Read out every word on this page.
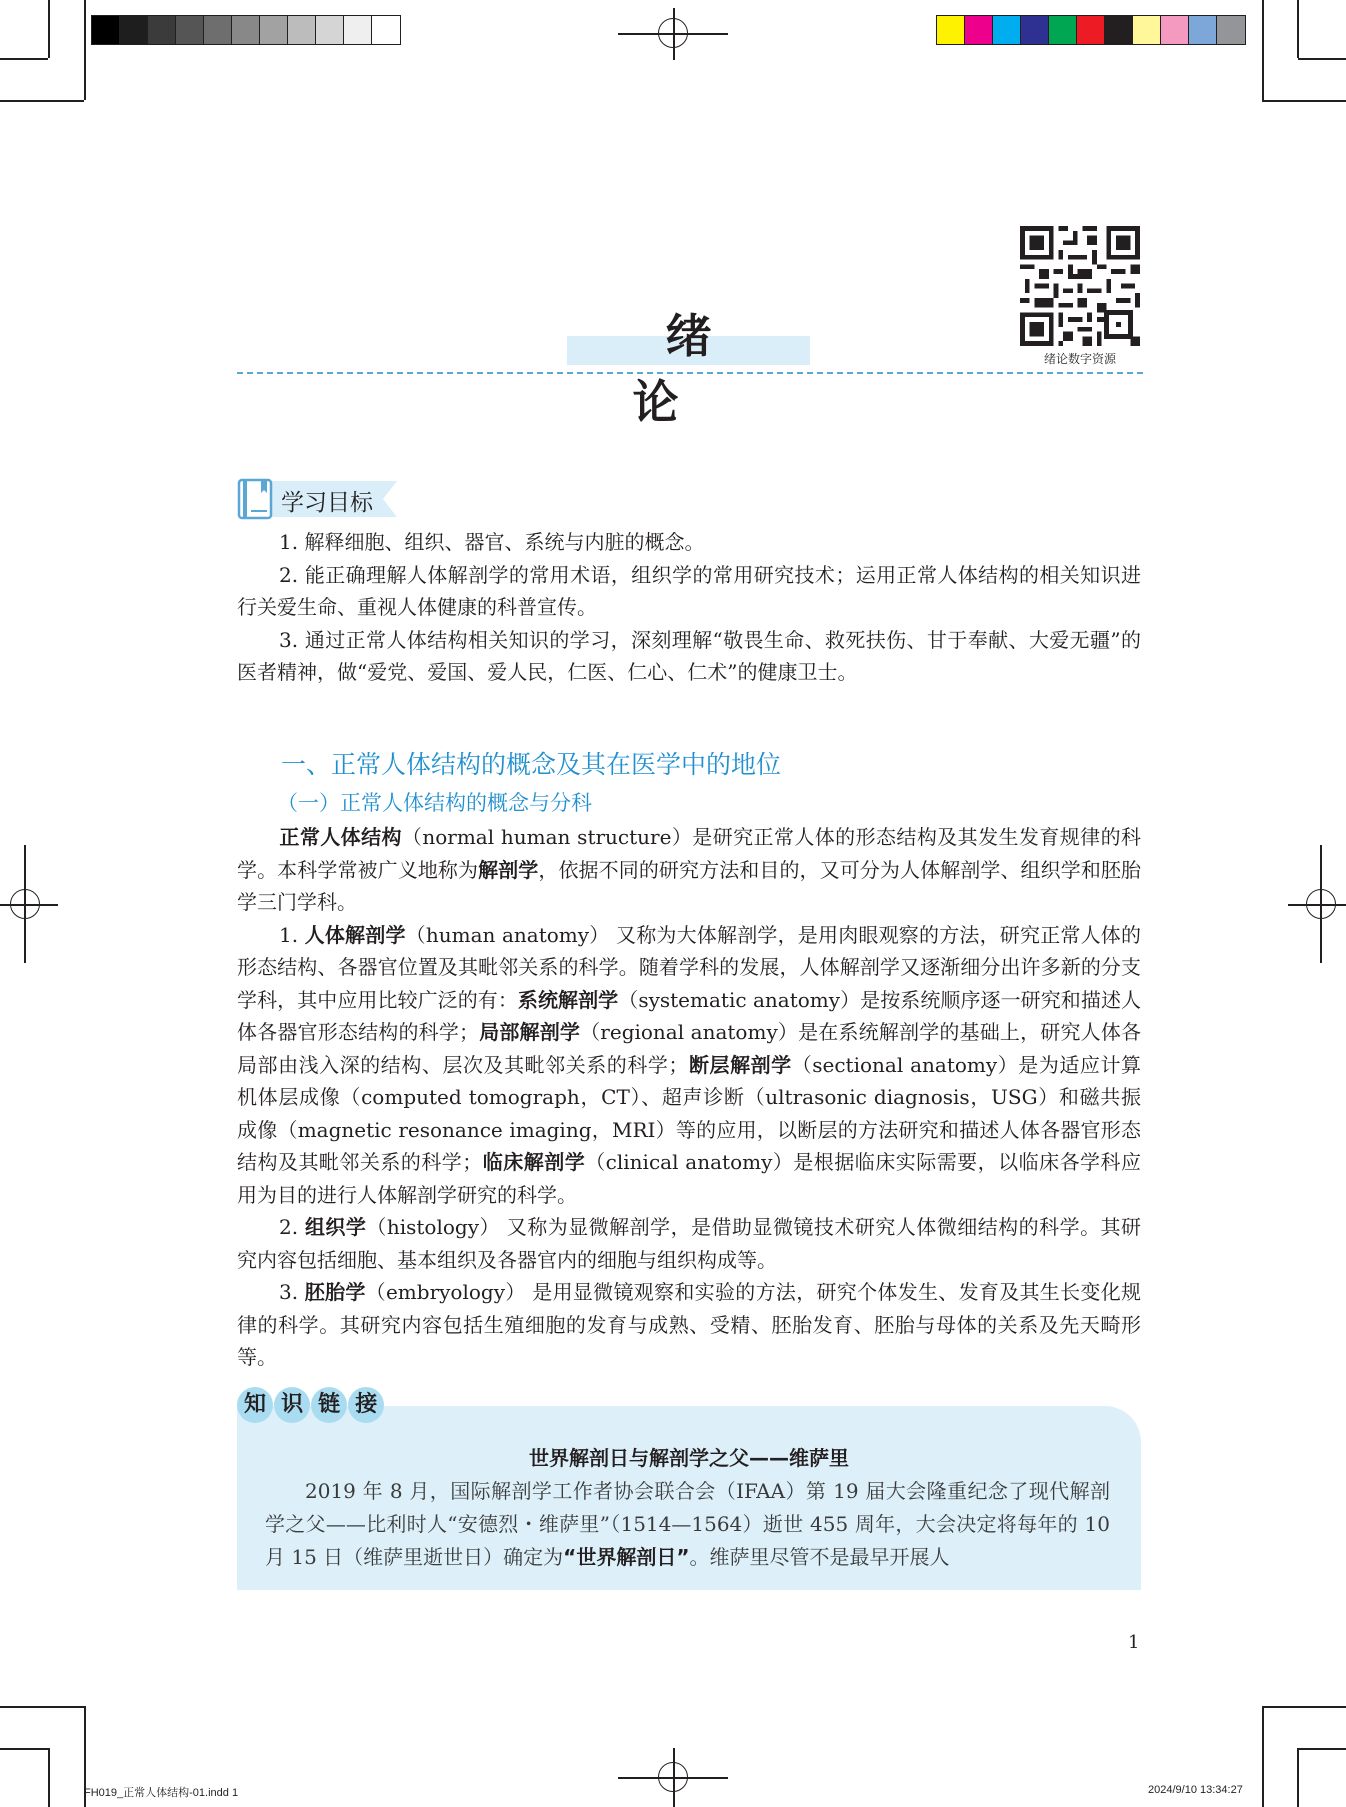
绪 论
绪论数字资源
学习目标
1. 解释细胞、组织、器官、系统与内脏的概念。
2. 能正确理解人体解剖学的常用术语，组织学的常用研究技术；运用正常人体结构的相关知识进行关爱生命、重视人体健康的科普宣传。
3. 通过正常人体结构相关知识的学习，深刻理解“敬畏生命、救死扶伤、甘于奉献、大爱无疆”的医者精神，做“爱党、爱国、爱人民，仁医、仁心、仁术”的健康卫士。
一、正常人体结构的概念及其在医学中的地位
（一）正常人体结构的概念与分科
正常人体结构（normal human structure）是研究正常人体的形态结构及其发生发育规律的科学。本科学常被广义地称为解剖学，依据不同的研究方法和目的，又可分为人体解剖学、组织学和胚胎学三门学科。
1. 人体解剖学（human anatomy） 又称为大体解剖学，是用肉眼观察的方法，研究正常人体的形态结构、各器官位置及其毗邻关系的科学。随着学科的发展，人体解剖学又逐渐细分出许多新的分支学科，其中应用比较广泛的有：系统解剖学（systematic anatomy）是按系统顺序逐一研究和描述人体各器官形态结构的科学；局部解剖学（regional anatomy）是在系统解剖学的基础上，研究人体各局部由浅入深的结构、层次及其毗邻关系的科学；断层解剖学（sectional anatomy）是为适应计算机体层成像（computed tomograph，CT）、超声诊断（ultrasonic diagnosis，USG）和磁共振成像（magnetic resonance imaging，MRI）等的应用，以断层的方法研究和描述人体各器官形态结构及其毗邻关系的科学；临床解剖学（clinical anatomy）是根据临床实际需要，以临床各学科应用为目的进行人体解剖学研究的科学。
2. 组织学（histology） 又称为显微解剖学，是借助显微镜技术研究人体微细结构的科学。其研究内容包括细胞、基本组织及各器官内的细胞与组织构成等。
3. 胚胎学（embryology） 是用显微镜观察和实验的方法，研究个体发生、发育及其生长变化规律的科学。其研究内容包括生殖细胞的发育与成熟、受精、胚胎发育、胚胎与母体的关系及先天畸形等。
知 识 链 接
世界解剖日与解剖学之父——维萨里
2019 年 8 月，国际解剖学工作者协会联合会（IFAA）第 19 届大会隆重纪念了现代解剖学之父——比利时人“安德烈・维萨里”（1514—1564）逝世 455 周年，大会决定将每年的 10 月 15 日（维萨里逝世日）确定为“世界解剖日”。维萨里尽管不是最早开展人
1
FH019_正常人体结构-01.indd 1	2024/9/10 13:34:27
